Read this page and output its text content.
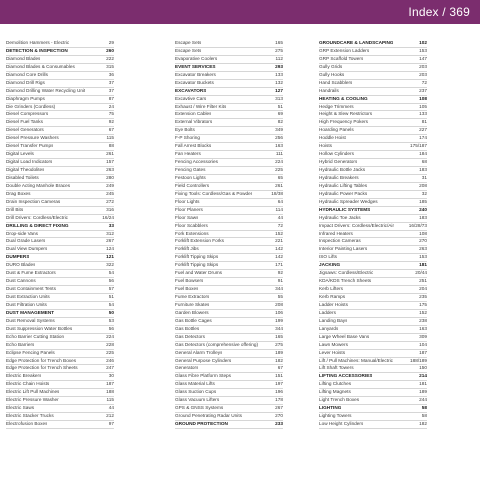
Index / 369
Demolition Hammers - Electric	29
DETECTION & INSPECTION	260
Diamond Blades	222
Diamond Blades & Consumables	315
Diamond Core Drills	36
Diamond Drill Rigs	37
Diamond Drilling Water Recycling Unit	37
Diaphragm Pumps	87
Die Grinders (Cordless)	24
Diesel Compressors	75
Diesel Fuel Tanks	92
Diesel Generators	67
Diesel Pressure Washers	115
Diesel Transfer Pumps	88
Digital Levels	261
Digital Load Indicators	157
Digital Theodolites	263
Disabled Toilets	280
Double Acting Manhole Braces	249
Drag Boxes	245
Drain Inspection Cameras	272
Drill Bits	316
Drill Drivers: Cordless/Electric	16/24
DRILLING & DIRECT FIXING	33
Drop-side Vans	312
Dual Grade Lasers	267
Dual View Dumpers	124
DUMPERS	121
DURO Blades	322
Dust & Fume Extractors	54
Dust Cannons	56
Dust Containment Tents	57
Dust Extraction Units	51
Dust Filtration Units	54
DUST MANAGEMENT	50
Dust Removal Systems	53
Dust Suppression Water Bottles	56
Echo Barrier Cutting Station	224
Echo Barriers	228
Eclipse Fencing Panels	225
Edge Protection for Trench Boxes	246
Edge Protection for Trench Sheets	247
Electric Breakers	30
Electric Chain Hoists	187
Electric Lift Pull Machines	188
Electric Pressure Washer	115
Electric Saws	44
Electric Stacker Trucks	212
Electrofusion Boxes	97
Escape Sets	165
Escape Sets	275
Evaporative Coolers	112
EVENT SERVICES	293
Excavator Breakers	133
Excavator Buckets	132
EXCAVATORS	127
Excavtive Cars	313
Exhaust / Wire Filter Kits	51
Extension Cables	69
External Vibrators	82
Eye Bolts	349
F-P Shoring	256
Fall Arrest Blocks	163
Fan Heaters	111
Fencing Accessories	224
Fencing Gates	225
Festoon Lights	65
Field Controllers	261
Fixing Tools: Cordless/Gas & Powder	18/38
Floor Lights	64
Floor Planers	114
Floor Saws	44
Floor Scabblers	72
Fork Extensions	152
Forklift Extension Forks	221
Forklift Jibs	142
Forklift Tipping Skips	142
Forklift Tipping Skips	171
Fuel and Water Drums	92
Fuel Bowsers	91
Fuel Boxes	344
Fume Extractors	55
Furniture Skates	208
Garden Blowers	106
Gas Bottle Cages	199
Gas Bottles	344
Gas Detectors	165
Gas Detectors (comprehensive offering)	275
General Alarm Trolleys	189
General Purpose Cylinders	182
Generators	67
Glass Fibre Platform Steps	151
Glass Material Lifts	197
Glass Suction Cups	196
Glass Vacuum Lifters	178
GPS & GNSS Systems	267
Ground Penetrating Radar Units	270
GROUND PROTECTION	233
GROUNDCARE & LANDSCAPING	102
GRP Extension Ladders	153
GRP Scaffold Towers	147
Gully Grids	203
Gully Hooks	203
Hand Scabblers	72
Handrails	237
HEATING & COOLING	108
Hedge Trimmers	105
Height & Slew Restrictors	133
High Frequency Pokers	81
Hoarding Panels	227
Hoddle Hoist	174
Hoists	175/187
Hollow Cylinders	184
Hybrid Generators	68
Hydraulic Bottle Jacks	183
Hydraulic Breakers	31
Hydraulic Lifting Tables	208
Hydraulic Power Packs	32
Hydraulic Spreader Wedges	185
HYDRAULIC SYSTEMS	240
Hydraulic Toe Jacks	183
Impact Drivers: Cordless/Electric/Air	16/28/73
Infrared Heaters	108
Inspection Cameras	270
Interior Painting Lasers	263
ISO Lifts	153
JACKING	181
Jigsaws: Cordless/Electric	20/44
KDA/KDS Trench Sheets	251
Kerb Lifters	204
Kerb Ramps	235
Ladder Hoists	175
Ladders	152
Landing Bays	238
Lanyards	163
Large Wheel Base Vans	309
Lawn Mowers	104
Lever Hoists	187
Lift / Pull Machines: Manual/Electric	188/189
Lift Shaft Towers	150
LIFTING ACCESSORIES	214
Lifting Clutches	181
Lifting Magnets	189
Light Trench Boxes	244
LIGHTING	58
Lighting Towers	58
Low Height Cylinders	182
